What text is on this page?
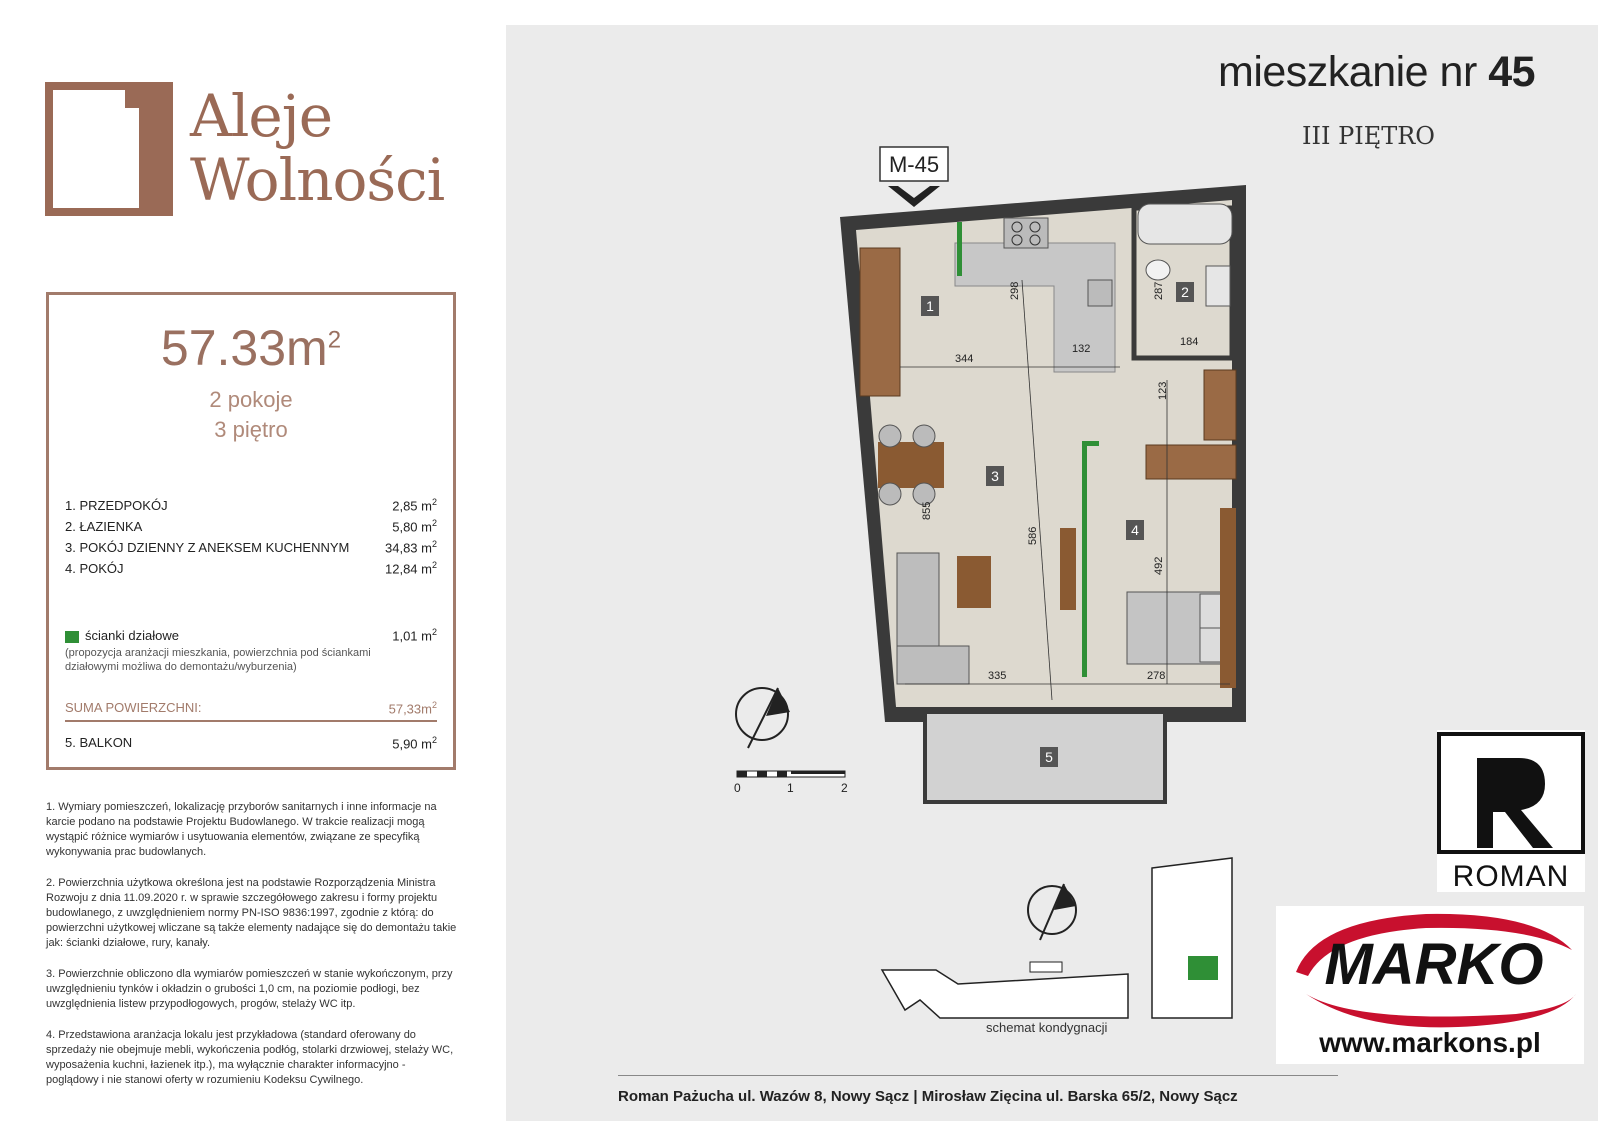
Aleje
Wolności
$57.33m^2$
2 pokoje
3 piętro
1. PRZEDPOKÓJ	2,85 $m^2$
2. ŁAZIENKA	5,80 $m^2$
3. POKÓJ DZIENNY Z ANEKSEM KUCHENNYM	34,83 $m^2$
4. POKÓJ	12,84 $m^2$
ścianki działowe	1,01 $m^2$
(propozycja aranżacji mieszkania, powierzchnia pod ściankami działowymi możliwa do demontażu/wyburzenia)
SUMA POWIERZCHNI:	$57,33m^2$
5. BALKON	5,90 $m^2$

1. Wymiary pomieszczeń, lokalizację przyborów sanitarnych i inne informacje na karcie podano na podstawie Projektu Budowlanego. W trakcie realizacji mogą wystąpić różnice wymiarów i usytuowania elementów, związane ze specyfiką wykonywania prac budowlanych.

2. Powierzchnia użytkowa określona jest na podstawie Rozporządzenia Ministra Rozwoju z dnia 11.09.2020 r. w sprawie szczegółowego zakresu i formy projektu budowlanego, z uwzględnieniem normy PN-ISO 9836:1997, zgodnie z którą: do powierzchni użytkowej wliczane są także elementy nadające się do demontażu takie jak: ścianki działowe, rury, kanały.

3. Powierzchnie obliczono dla wymiarów pomieszczeń w stanie wykończonym, przy uwzględnieniu tynków i okładzin o grubości 1,0 cm, na poziomie podłogi, bez uwzględnienia listew przypodłogowych, progów, stelaży WC itp.

4. Przedstawiona aranżacja lokalu jest przykładowa (standard oferowany do sprzedaży nie obejmuje mebli, wykończenia podłóg, stolarki drzwiowej, stelaży WC, wyposażenia kuchni, łazienek itp.), ma wyłącznie charakter informacyjno - poglądowy i nie stanowi oferty w rozumieniu Kodeksu Cywilnego.

mieszkanie nr 45
III PIĘTRO
M-45
344
298
132
287
184
123
855
586
492
335	278
1
2
3
4
5
0	1	2
schemat kondygnacji
ROMAN
MARKO
www.markons.pl
Roman Pażucha ul. Wazów 8, Nowy Sącz | Mirosław Zięcina ul. Barska 65/2, Nowy Sącz
